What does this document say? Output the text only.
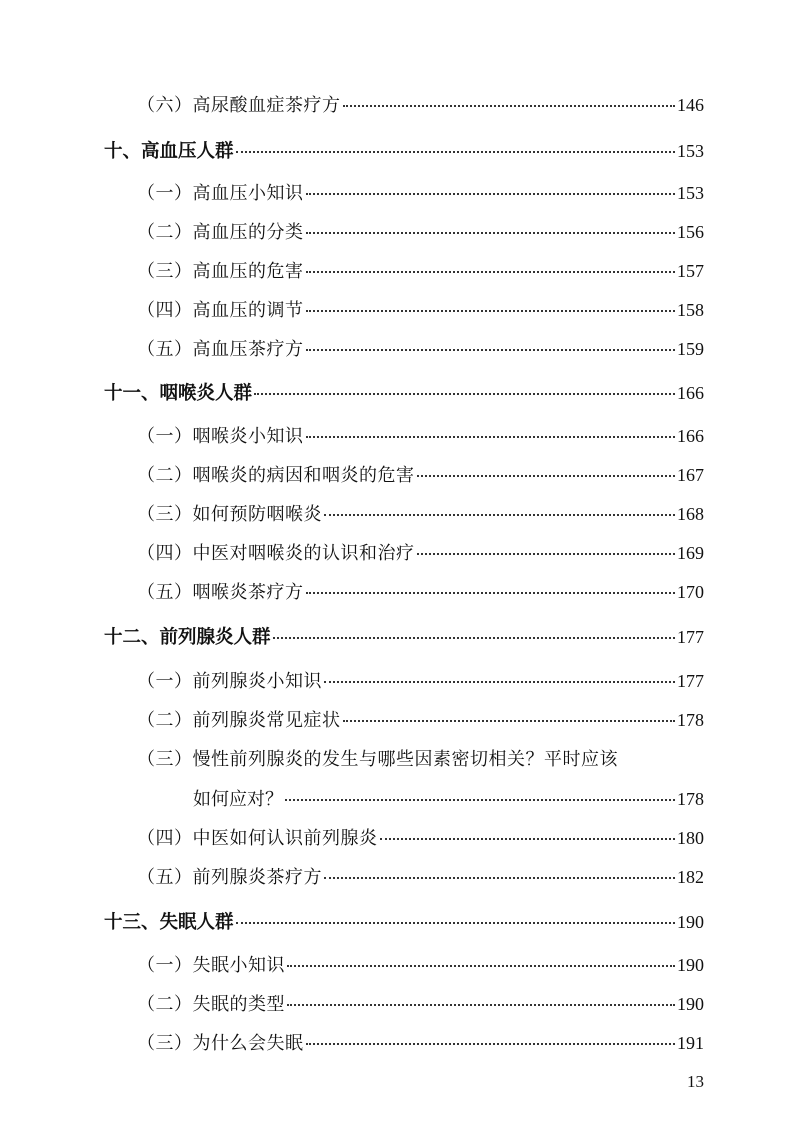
（六）高尿酸血症茶疗方	146
十、高血压人群	153
（一）高血压小知识	153
（二）高血压的分类	156
（三）高血压的危害	157
（四）高血压的调节	158
（五）高血压茶疗方	159
十一、咽喉炎人群	166
（一）咽喉炎小知识	166
（二）咽喉炎的病因和咽炎的危害	167
（三）如何预防咽喉炎	168
（四）中医对咽喉炎的认识和治疗	169
（五）咽喉炎茶疗方	170
十二、前列腺炎人群	177
（一）前列腺炎小知识	177
（二）前列腺炎常见症状	178
（三）慢性前列腺炎的发生与哪些因素密切相关？平时应该
如何应对？	178
（四）中医如何认识前列腺炎	180
（五）前列腺炎茶疗方	182
十三、失眠人群	190
（一）失眠小知识	190
（二）失眠的类型	190
（三）为什么会失眠	191
13
